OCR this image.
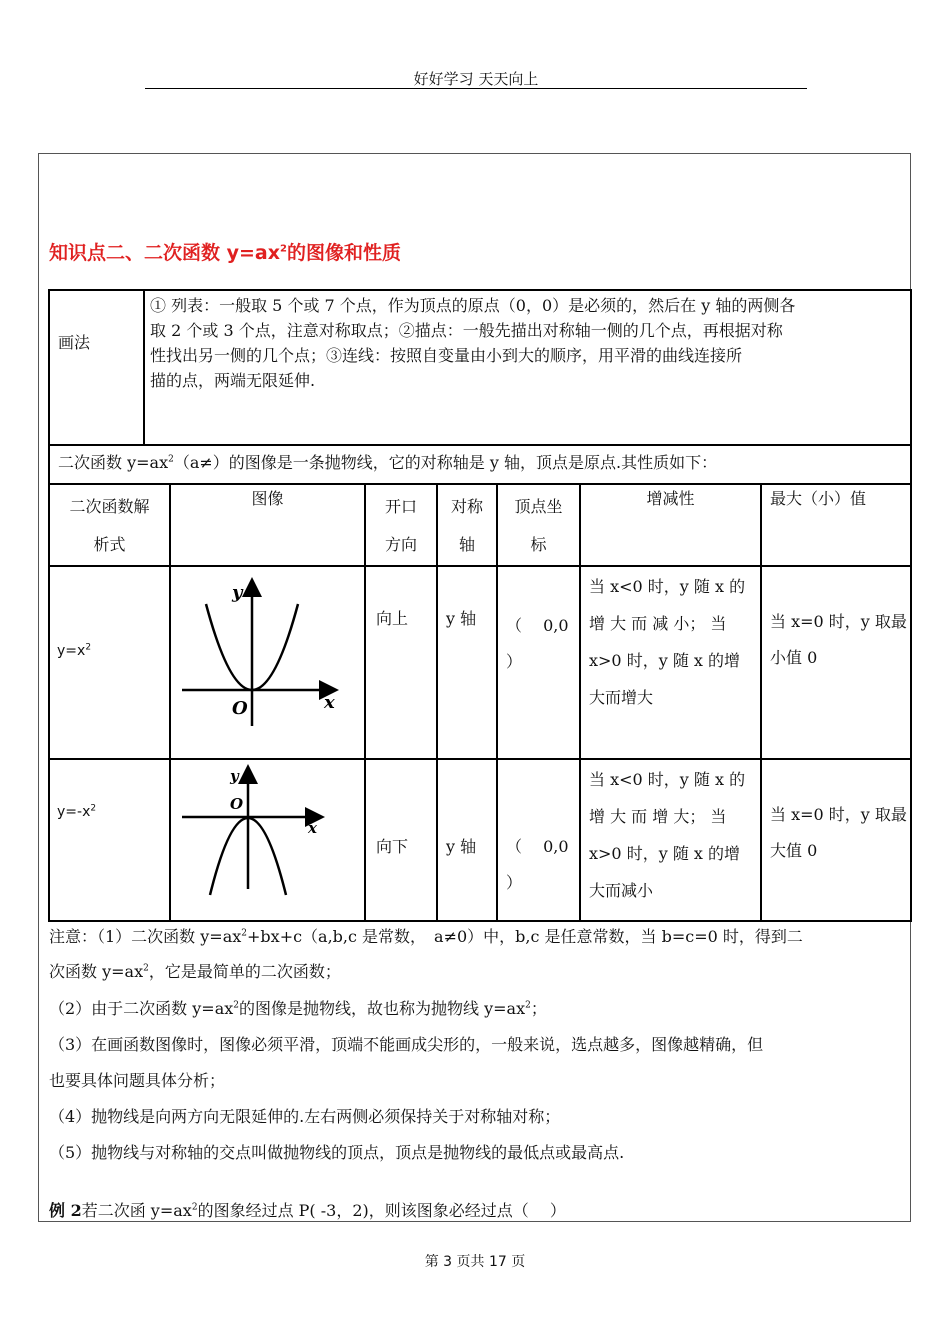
好好学习 天天向上
知识点二、二次函数 $y=ax^2$的图像和性质
画法
① 列表：一般取 5 个或 7 个点，作为顶点的原点（0，0）是必须的，然后在 y 轴的两侧各
取 2 个或 3 个点，注意对称取点；②描点：一般先描出对称轴一侧的几个点，再根据对称
性找出另一侧的几个点；③连线：按照自变量由小到大的顺序，用平滑的曲线连接所
描的点，两端无限延伸.
二次函数 $y=ax^2(a\ne)$的图像是一条抛物线，它的对称轴是 y 轴，顶点是原点.其性质如下：
二次函数解
析式
图像	开口
方向
对称
轴
顶点坐
标
增减性	最大（小）值
$y=x^2$
y
x
O
向上 y 轴 （　 0,0
）
当 x<0 时，y 随 x 的
增 大 而 减 小； 当
x>0 时，y 随 x 的增
大而增大
当 x=0 时，y 取最
小值 0
$y=-x^2$
y
x
O
向下 y 轴 （　 0,0
）
当 x<0 时，y 随 x 的
增 大 而 增 大； 当
x>0 时，y 随 x 的增
大而减小
当 x=0 时，y 取最
大值 0
注意：（1）二次函数 $y=ax^2+bx+c(a,b,c$ 是常数，　a≠0）中，b,c 是任意常数，当 b=c=0 时，得到二
次函数 $y=ax^2$，它是最简单的二次函数；
（2）由于二次函数 $y=ax^2$的图像是抛物线，故也称为抛物线 $y=ax^2$；
（3）在画函数图像时，图像必须平滑，顶端不能画成尖形的，一般来说，选点越多，图像越精确，但
也要具体问题具体分析；
（4）抛物线是向两方向无限延伸的.左右两侧必须保持关于对称轴对称；
（5）抛物线与对称轴的交点叫做抛物线的顶点，顶点是抛物线的最低点或最高点.
例 2若二次函 $y=ax^2$的图象经过点 P( -3，2)，则该图象必经过点（　 ）
第 3 页共 17 页
